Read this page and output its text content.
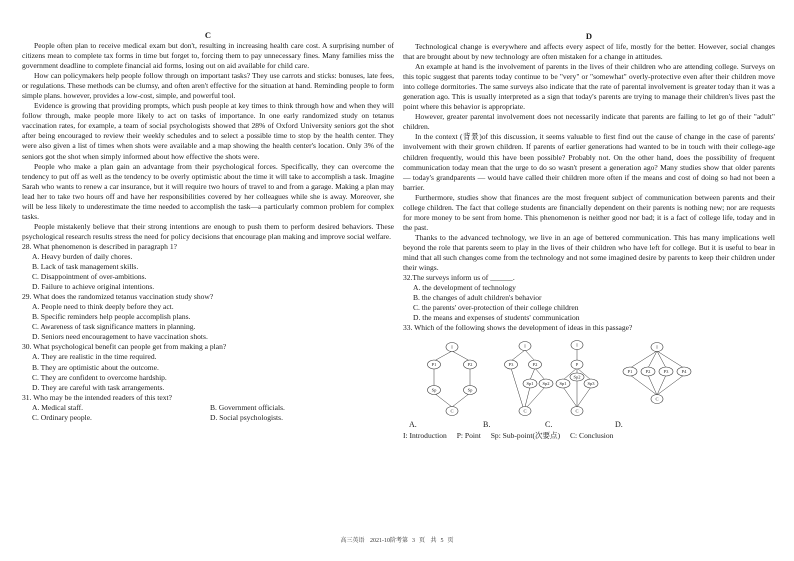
C

People often plan to receive medical exam but don't, resulting in increasing health care cost. A surprising number of citizens mean to complete tax forms in time but forget to, forcing them to pay unnecessary fines. Many families miss the government deadline to complete financial aid forms, losing out on aid available for child care.

How can policymakers help people follow through on important tasks? They use carrots and sticks: bonuses, late fees, or regulations. These methods can be clumsy, and often aren't effective for the situation at hand. Reminding people to form simple plans. however, provides a low-cost, simple, and powerful tool.

Evidence is growing that providing prompts, which push people at key times to think through how and when they will follow through, make people more likely to act on tasks of importance. In one early randomized study on tetanus vaccination rates, for example, a team of social psychologists showed that 28% of Oxford University seniors got the shot after being encouraged to review their weekly schedules and to select a possible time to stop by the health center. They were also given a list of times when shots were available and a map showing the health center's location. Only 3% of the seniors got the shot when simply informed about how effective the shots were.

People who make a plan gain an advantage from their psychological forces. Specifically, they can overcome the tendency to put off as well as the tendency to be overly optimistic about the time it will take to accomplish a task. Imagine Sarah who wants to renew a car insurance, but it will require two hours of travel to and from a garage. Making a plan may lead her to take two hours off and have her responsibilities covered by her colleagues while she is away. Moreover, she will be less likely to underestimate the time needed to accomplish the task—a particularly common problem for complex tasks.

People mistakenly believe that their strong intentions are enough to push them to perform desired behaviors. These psychological research results stress the need for policy decisions that encourage plan making and improve social welfare.

28. What phenomenon is described in paragraph 1?
A. Heavy burden of daily chores.
B. Lack of task management skills.
C. Disappointment of over-ambitions.
D. Failure to achieve original intentions.
29. What does the randomized tetanus vaccination study show?
A. People need to think deeply before they act.
B. Specific reminders help people accomplish plans.
C. Awareness of task significance matters in planning.
D. Seniors need encouragement to have vaccination shots.
30. What psychological benefit can people get from making a plan?
A. They are realistic in the time required.
B. They are optimistic about the outcome.
C. They are confident to overcome hardship.
D. They are careful with task arrangements.
31. Who may be the intended readers of this text?
A. Medical staff.	B. Government officials.
C. Ordinary people.	D. Social psychologists.
D

Technological change is everywhere and affects every aspect of life, mostly for the better. However, social changes that are brought about by new technology are often mistaken for a change in attitudes.

An example at hand is the involvement of parents in the lives of their children who are attending college. Surveys on this topic suggest that parents today continue to be "very" or "somewhat" overly-protective even after their children move into college dormitories. The same surveys also indicate that the rate of parental involvement is greater today than it was a generation ago. This is usually interpreted as a sign that today's parents are trying to manage their children's lives past the point where this behavior is appropriate.

However, greater parental involvement does not necessarily indicate that parents are failing to let go of their "adult" children.

In the context (背景)of this discussion, it seems valuable to first find out the cause of change in the case of parents' involvement with their grown children. If parents of earlier generations had wanted to be in touch with their college-age children frequently, would this have been possible? Probably not. On the other hand, does the possibility of frequent communication today mean that the urge to do so wasn't present a generation ago? Many studies show that older parents — today's grandparents — would have called their children more often if the means and cost of doing so had not been a barrier.

Furthermore, studies show that finances are the most frequent subject of communication between parents and their college children. The fact that college students are financially dependent on their parents is nothing new; nor are requests for more money to be sent from home. This phenomenon is neither good nor bad; it is a fact of college life, today and in the past.

Thanks to the advanced technology, we live in an age of bettered communication. This has many implications well beyond the role that parents seem to play in the lives of their children who have left for college. But it is useful to bear in mind that all such changes come from the technology and not some imagined desire by parents to keep their children under their wings.

32.The surveys inform us of ______.
A. the development of technology
B. the changes of adult children's behavior
C. the parents' over-protection of their college children
D. the means and expenses of students' communication
33. Which of the following shows the development of ideas in this passage?
I
P1	P2
Sp	Sp
C
A.
I
P3	P2
Sp1 Sp2
C
B.
I
P
Sp2
Sp1	Sp3
C
C.
I
P1	P2	P3	P4
C
D.
I: Introduction P: Point Sp: Sub-point(次要点) C: Conclusion
高三英语 2021-10阶考第 3 页 共 5 页
